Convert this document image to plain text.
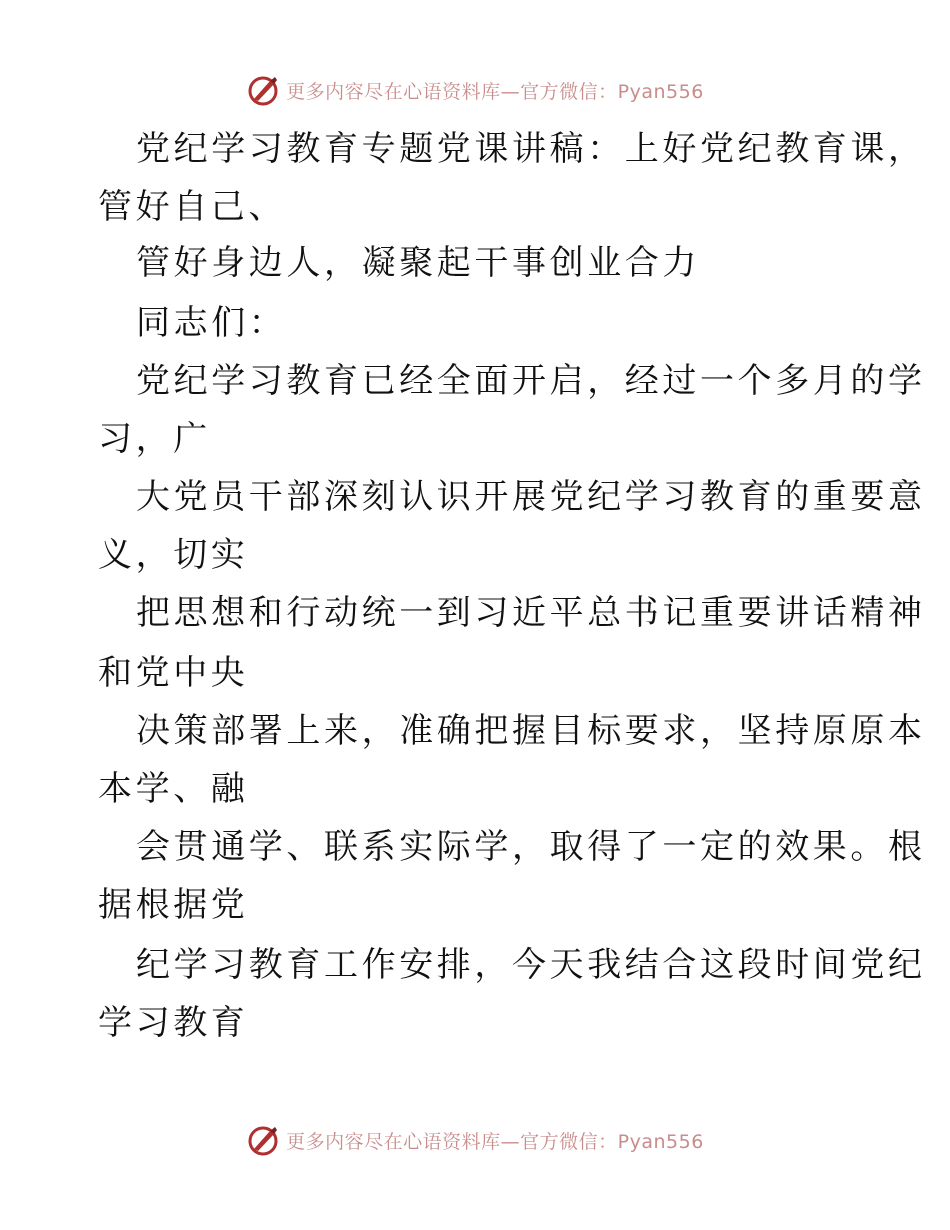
更多内容尽在心语资料库—官方微信：Pyan556
党纪学习教育专题党课讲稿：上好党纪教育课，
管好自己、
管好身边人，凝聚起干事创业合力
同志们：
党纪学习教育已经全面开启，经过一个多月的学
习，广
大党员干部深刻认识开展党纪学习教育的重要意
义，切实
把思想和行动统一到习近平总书记重要讲话精神
和党中央
决策部署上来，准确把握目标要求，坚持原原本
本学、融
会贯通学、联系实际学，取得了一定的效果。根
据根据党
纪学习教育工作安排，今天我结合这段时间党纪
学习教育
更多内容尽在心语资料库—官方微信：Pyan556
